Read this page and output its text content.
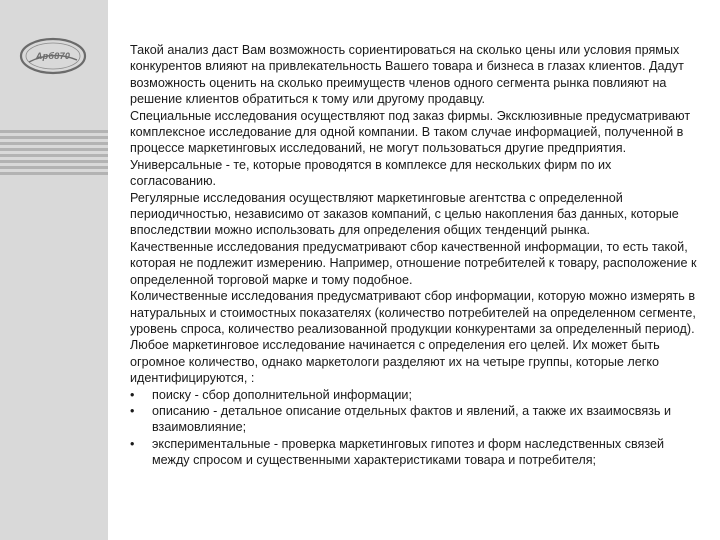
Арб870	Такой анализ даст Вам возможность сориентироваться на сколько цены или условия прямых конкурентов влияют на привлекательность Вашего товара и бизнеса в глазах клиентов. Дадут возможность оценить на сколько преимуществ членов одного сегмента рынка повлияют на решение клиентов обратиться к тому или другому продавцу.

Специальные исследования осуществляют под заказ фирмы. Эксклюзивные предусматривают комплексное исследование для одной компании. В таком случае информацией, полученной в процессе маркетинговых исследований, не могут пользоваться другие предприятия. Универсальные - те, которые проводятся в комплексе для нескольких фирм по их согласованию.

Регулярные исследования осуществляют маркетинговые агентства с определенной периодичностью, независимо от заказов компаний, с целью накопления баз данных, которые впоследствии можно использовать для определения общих тенденций рынка.

Качественные исследования предусматривают сбор качественной информации, то есть такой, которая не подлежит измерению. Например, отношение потребителей к товару, расположение к определенной торговой марке и тому подобное.

Количественные исследования предусматривают сбор информации, которую можно измерять в натуральных и стоимостных показателях (количество потребителей на определенном сегменте, уровень спроса, количество реализованной продукции конкурентами за определенный период). Любое маркетинговое исследование начинается с определения его целей. Их может быть огромное количество, однако маркетологи разделяют их на четыре группы, которые легко идентифицируются, :

• поиску - сбор дополнительной информации;
• описанию - детальное описание отдельных фактов и явлений, а также их взаимосвязь и взаимовлияние;
• экспериментальные - проверка маркетинговых гипотез и форм наследственных связей между спросом и существенными характеристиками товара и потребителя;
